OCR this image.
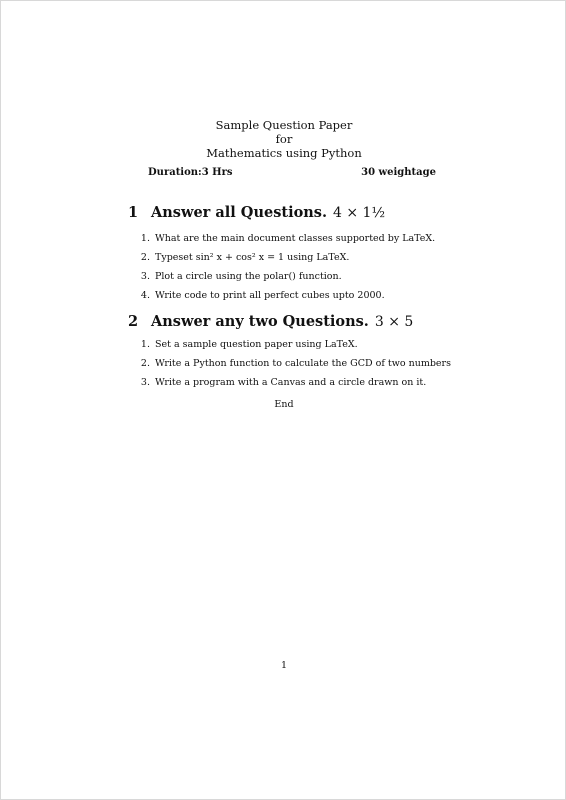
Sample Question Paper
for
Mathematics using Python
Duration:3 Hrs	30 weightage
1 Answer all Questions. 4 × 1½
1. What are the main document classes supported by LaTeX.
2. Typeset sin² x + cos² x = 1 using LaTeX.
3. Plot a circle using the polar() function.
4. Write code to print all perfect cubes upto 2000.
2 Answer any two Questions. 3 × 5
1. Set a sample question paper using LaTeX.
2. Write a Python function to calculate the GCD of two numbers
3. Write a program with a Canvas and a circle drawn on it.
End
1
